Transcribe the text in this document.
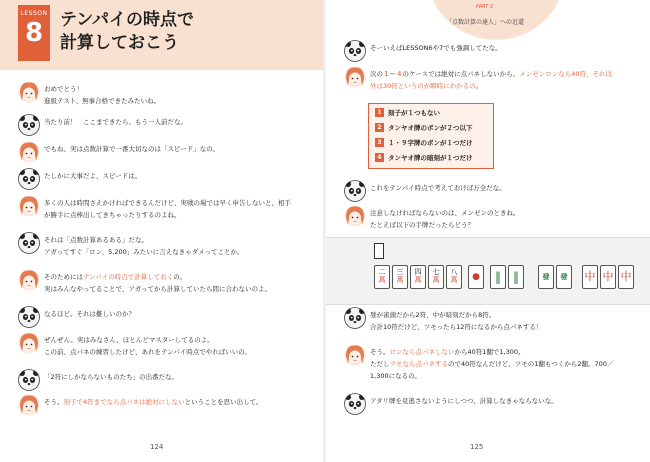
LESSON
8 テンパイの時点で
計算しておこう
おめでとう！
進級テスト、無事合格できたみたいね。
当たり前！　ここまできたら、もう一人前だな。
でもね、実は点数計算で一番大切なのは「スピード」なの。
たしかに大事だよ、スピードは。
多くの人は時間さえかければできるんだけど、実戦の場では早く申告しないと、相手
が勝手に点棒出してきちゃったりするのよね。
それは「点数計算あるある」だな。
アガってすぐ「ロン、5,200」みたいに言えなきゃダメってことか。
そのためにはテンパイの時点で計算しておくの。
実はみんなやってることで、アガってから計算していたら間に合わないのよ。
なるほど。それは難しいのか？
ぜんぜん。実はみなさん、ほとんどマスターしてるのよ。
この前、点パネの練習したけど、あれをテンパイ時点でやればいいの。
「2符にしかならないものたち」の出番だな。
そう。刻子で4符までなら点パネは絶対にしないということを思い出して。
124
PART 2
「点数計算の達人」への近道
そーいえばLESSON6や7でも強調してたな。
次の１～４のケースでは絶対に点パネしないから、メンゼンロンなら40符、それ以
外は30符というのが瞬時にわかるの。
これをテンパイ時点で考えておけば万全だな。
注意しなければならないのは、メンゼンのときね。
たとえば以下の手牌だったらどう？
1 刻子が１つもない
2 タンヤオ牌のポンが２つ以下
3 １・９字牌のポンが１つだけ
4 タンヤオ牌の暗刻が１つだけ
二
萬
三
萬
四
萬
七
萬
八
萬	●	‖	‖	發	發	中 中 中
發が雀頭だから2符、中が暗刻だから8符。
合計10符だけど、ツモったら12符になるから点パネする！
そう。ロンなら点パネしないから40符1翻で1,300。
ただしツモなら点パネするので40符なんだけど、ツモの1翻もつくから2翻。700／
1,300になるの。
アタリ牌を見逃さないようにしつつ、計算しなきゃならないな。
125
